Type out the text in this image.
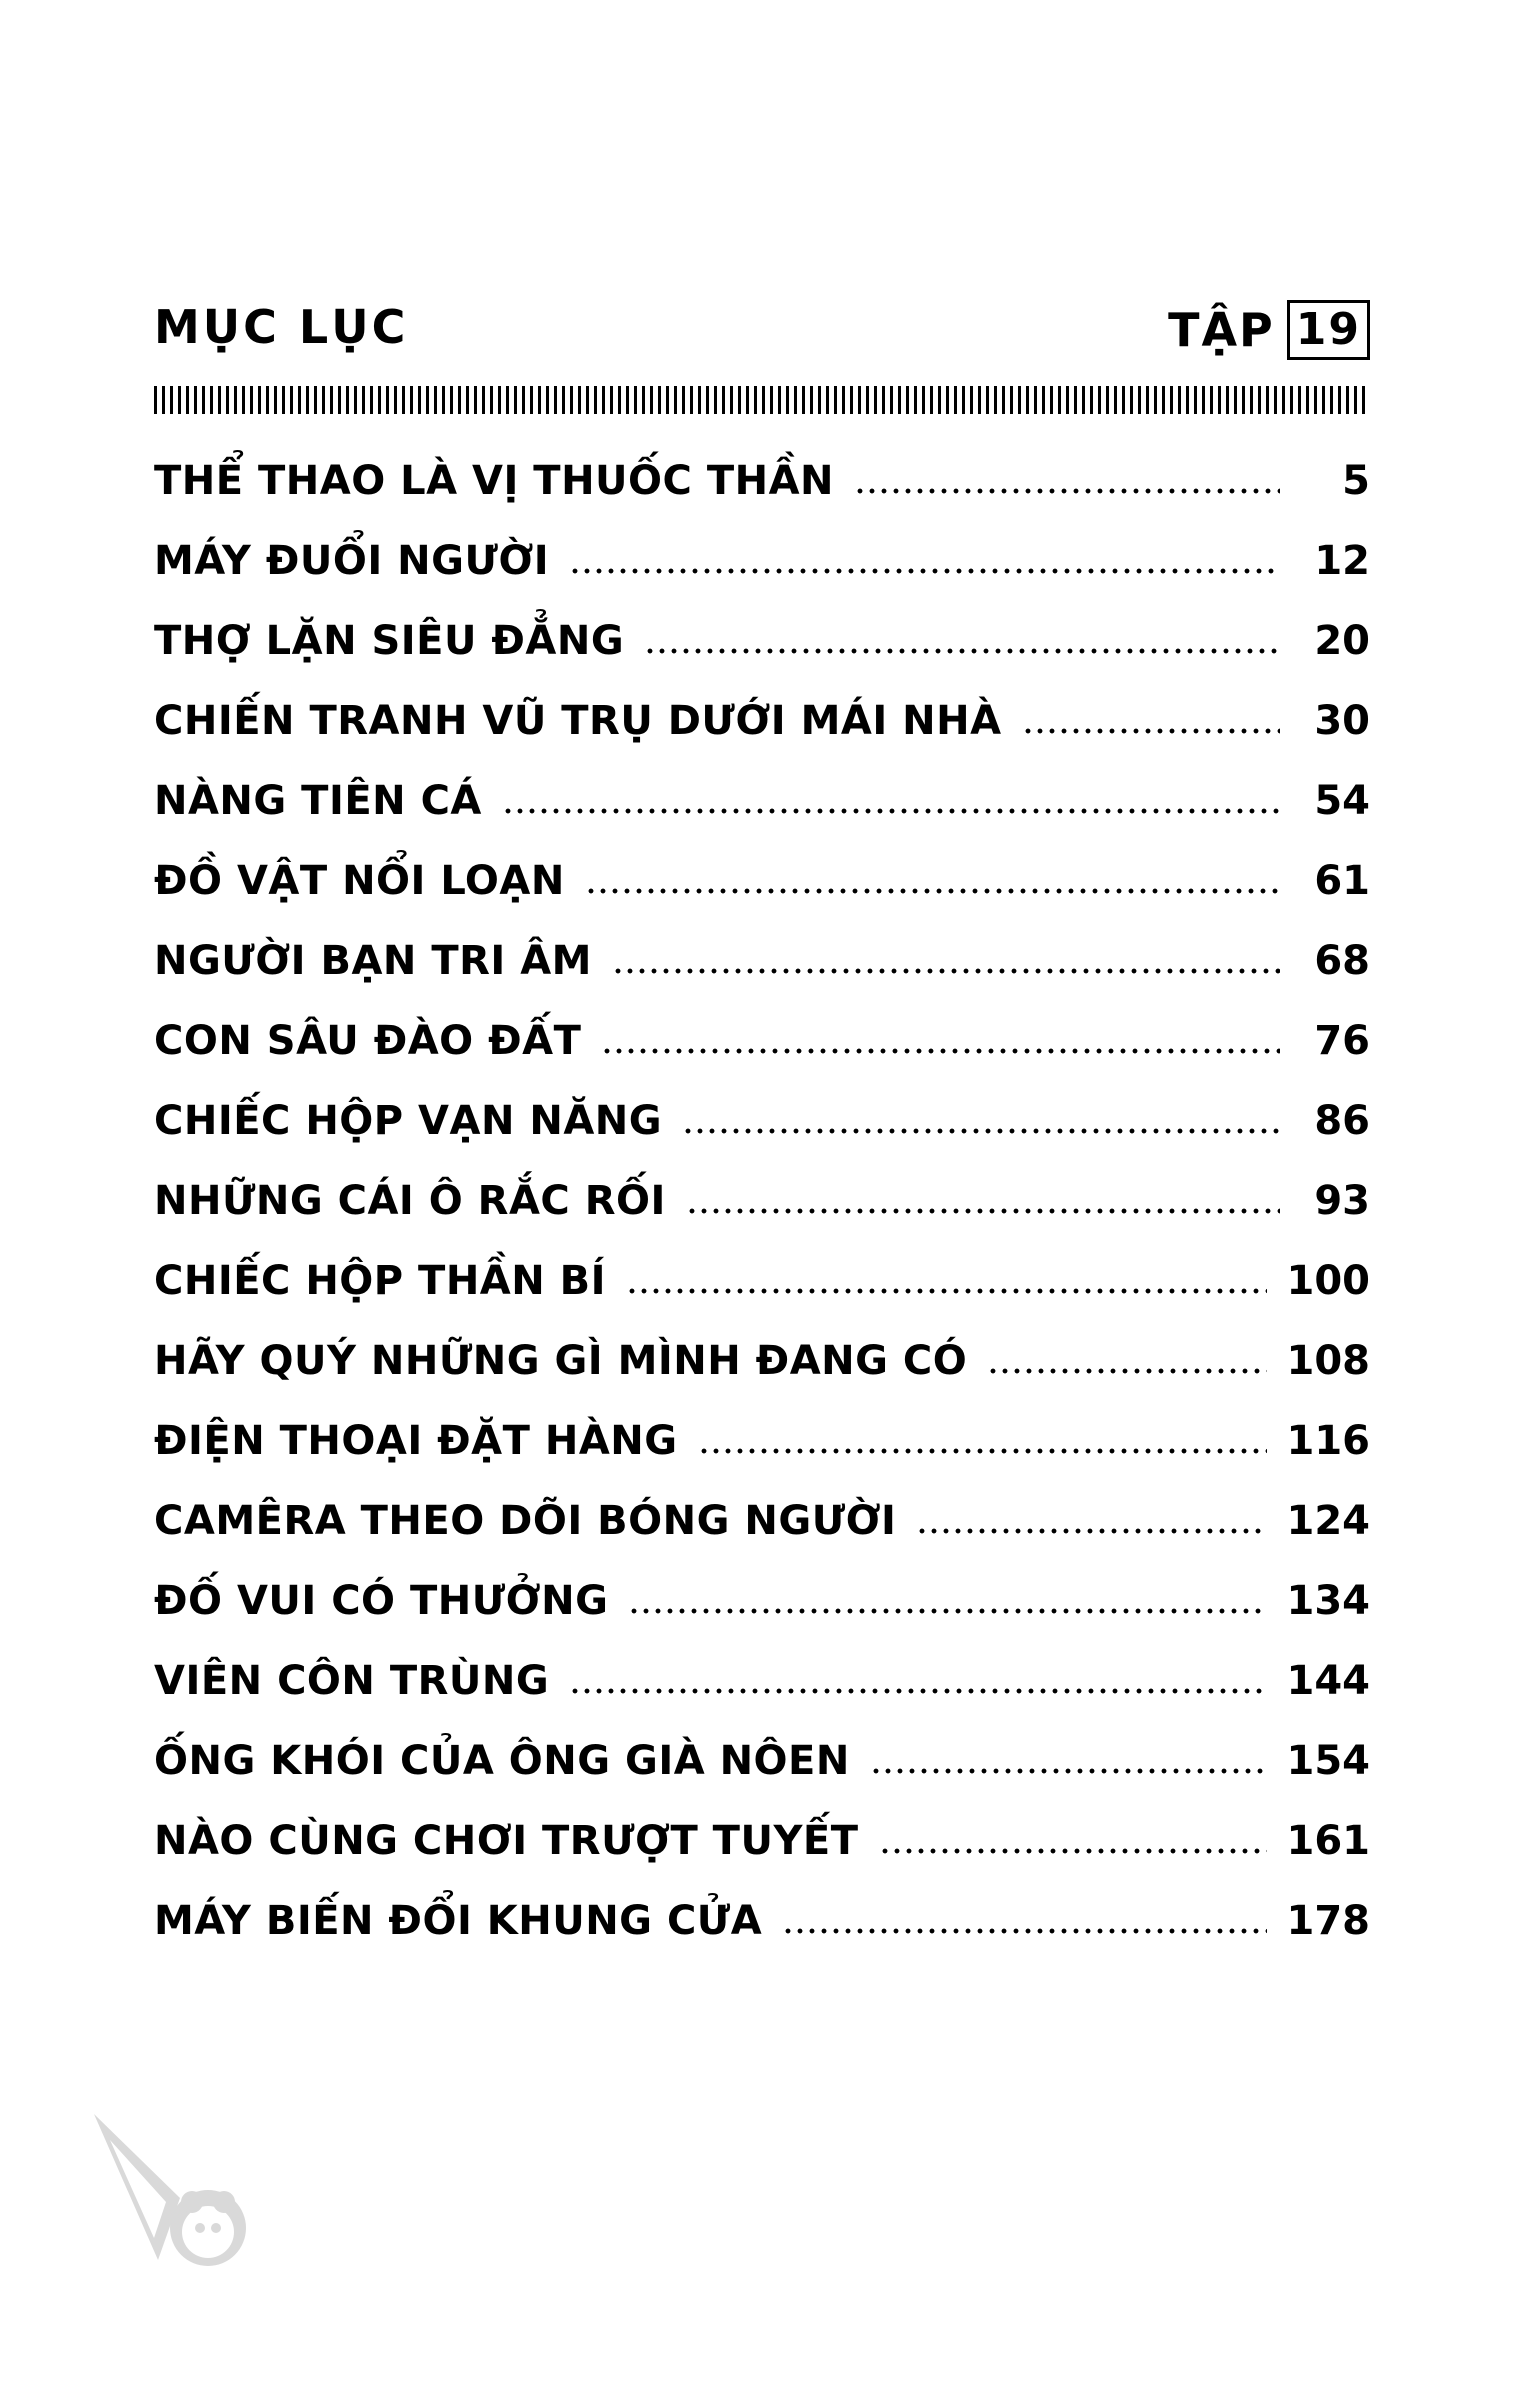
MỤC LỤC	TẬP 19
THỂ THAO LÀ VỊ THUỐC THẦN	5
MÁY ĐUỔI NGƯỜI	12
THỢ LẶN SIÊU ĐẲNG	20
CHIẾN TRANH VŨ TRỤ DƯỚI MÁI NHÀ	30
NÀNG TIÊN CÁ	54
ĐỒ VẬT NỔI LOẠN	61
NGƯỜI BẠN TRI ÂM	68
CON SÂU ĐÀO ĐẤT	76
CHIẾC HỘP VẠN NĂNG	86
NHỮNG CÁI Ô RẮC RỐI	93
CHIẾC HỘP THẦN BÍ	100
HÃY QUÝ NHỮNG GÌ MÌNH ĐANG CÓ	108
ĐIỆN THOẠI ĐẶT HÀNG	116
CAMÊRA THEO DÕI BÓNG NGƯỜI	124
ĐỐ VUI CÓ THƯỞNG	134
VIÊN CÔN TRÙNG	144
ỐNG KHÓI CỦA ÔNG GIÀ NÔEN	154
NÀO CÙNG CHƠI TRƯỢT TUYẾT	161
MÁY BIẾN ĐỔI KHUNG CỬA	178
